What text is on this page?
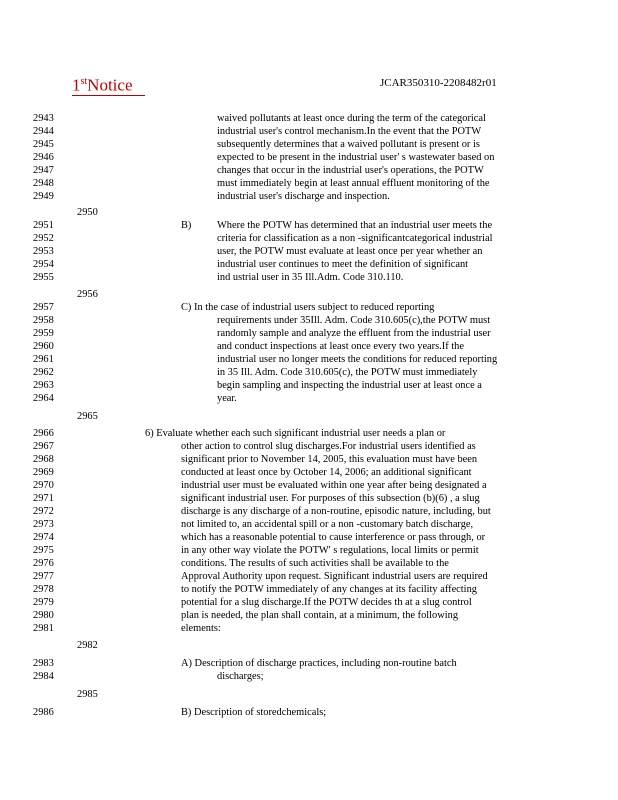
1stNotice	JCAR350310-2208482r01
2943	waived pollutants at least once during the term of the categorical
2944	industrial user's control mechanism.In the event that the POTW
2945	subsequently determines that a waived pollutant is present or is
2946	expected to be present in the industrial user' s wastewater based on
2947	changes that occur in the industrial user's operations, the POTW
2948	must immediately begin at least annual effluent monitoring of the
2949	industrial user's discharge and inspection.
2950
2951	Where the POTW has determined that an industrial user meets the
2952	criteria for classification as a non -significantcategorical industrial
2953	user, the POTW must evaluate at least once per year whether an
2954	industrial user continues to meet the definition of significant
2955	ind ustrial user in 35 Ill.Adm. Code 310.110.
2956
2957	C) In the case of industrial users subject to reduced reporting
2958	requirements under 35Ill. Adm. Code 310.605(c),the POTW must
2959	randomly sample and analyze the effluent from the industrial user
2960	and conduct inspections at least once every two years.If the
2961	industrial user no longer meets the conditions for reduced reporting
2962	in 35 Ill. Adm. Code 310.605(c), the POTW must immediately
2963	begin sampling and inspecting the industrial user at least once a
2964	year.
2965
2966	6) Evaluate whether each such significant industrial user needs a plan or
2967	other action to control slug discharges.For industrial users identified as
2968	significant prior to November 14, 2005, this evaluation must have been
2969	conducted at least once by October 14, 2006; an additional significant
2970	industrial user must be evaluated within one year after being designated a
2971	significant industrial user. For purposes of this subsection (b)(6) , a slug
2972	discharge is any discharge of a non-routine, episodic nature, including, but
2973	not limited to, an accidental spill or a non -customary batch discharge,
2974	which has a reasonable potential to cause interference or pass through, or
2975	in any other way violate the POTW' s regulations, local limits or permit
2976	conditions. The results of such activities shall be available to the
2977	Approval Authority upon request. Significant industrial users are required
2978	to notify the POTW immediately of any changes at its facility affecting
2979	potential for a slug discharge.If the POTW decides th at a slug control
2980	plan is needed, the plan shall contain, at a minimum, the following
2981	elements:
2982
2983	A) Description of discharge practices, including non-routine batch
2984	discharges;
2985
2986	B) Description of storedchemicals;
B)
